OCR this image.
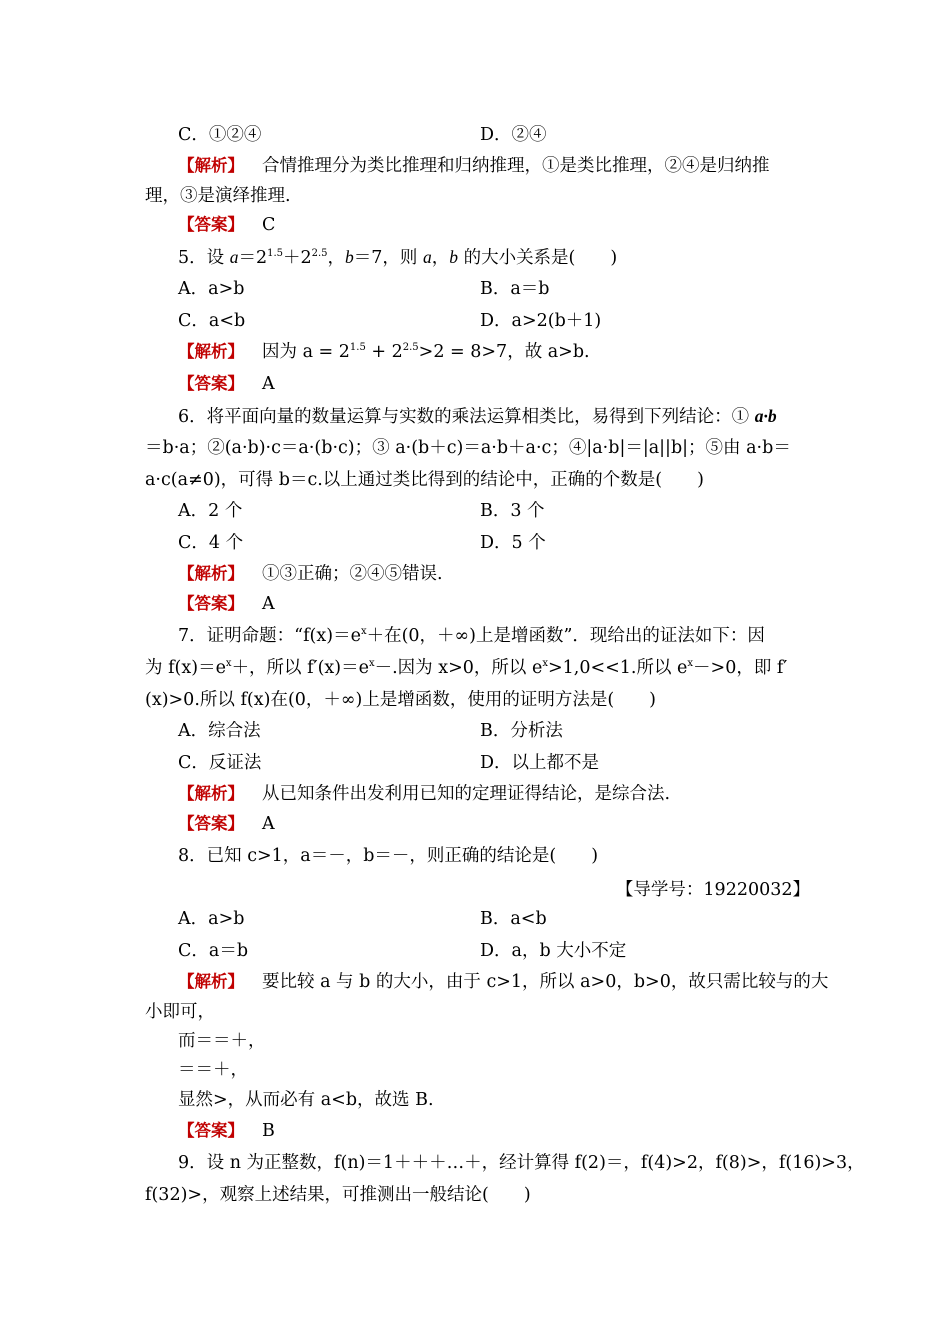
C．①②④	D．②④
【解析】 合情推理分为类比推理和归纳推理，①是类比推理，②④是归纳推
理，③是演绎推理.
【答案】 C
5．设 $a=2^{1.5}+2^{2.5}$，b＝7，则 a，b 的大小关系是(　　)
A．a>b	B．a＝b
C．a<b	D．a>2(b＋1)
【解析】 因为 $a = 2^{1.5} + 2^{2.5}>2 = 8>7$，故 a>b.
【答案】 A
6．将平面向量的数量运算与实数的乘法运算相类比，易得到下列结论：① a·b
＝b·a；②(a·b)·c＝a·(b·c)；③ a·(b＋c)＝a·b＋a·c；④|a·b|＝|a||b|；⑤由 a·b＝
a·c(a≠0)，可得 b＝c.以上通过类比得到的结论中，正确的个数是(　　)
A．2 个	B．3 个
C．4 个	D．5 个
【解析】 ①③正确；②④⑤错误.
【答案】 A
7．证明命题：“$f(x)=e^x+$在(0，＋∞)上是增函数”．现给出的证法如下：因
为 $f(x)=e^x+$，所以 $f'(x)=e^x-$.因为 x>0，所以 $e^x>1,0<<1$.所以 $e^x->0$，即 f′
(x)>0.所以 f(x)在(0，＋∞)上是增函数，使用的证明方法是(　　)
A．综合法	B．分析法
C．反证法	D．以上都不是
【解析】 从已知条件出发利用已知的定理证得结论，是综合法.
【答案】 A
8．已知 c>1，a＝－，b＝－，则正确的结论是(　　)
【导学号：19220032】
A．a>b	B．a<b
C．a＝b	D．a，b 大小不定
【解析】 要比较 a 与 b 的大小，由于 c>1，所以 a>0，b>0，故只需比较与的大
小即可，
而＝＝＋，
＝＝＋，
显然>，从而必有 a<b，故选 B.
【答案】 B
9．设 n 为正整数，f(n)＝1＋＋＋…＋，经计算得 f(2)＝，f(4)>2，f(8)>，f(16)>3，
f(32)>，观察上述结果，可推测出一般结论(　　)
